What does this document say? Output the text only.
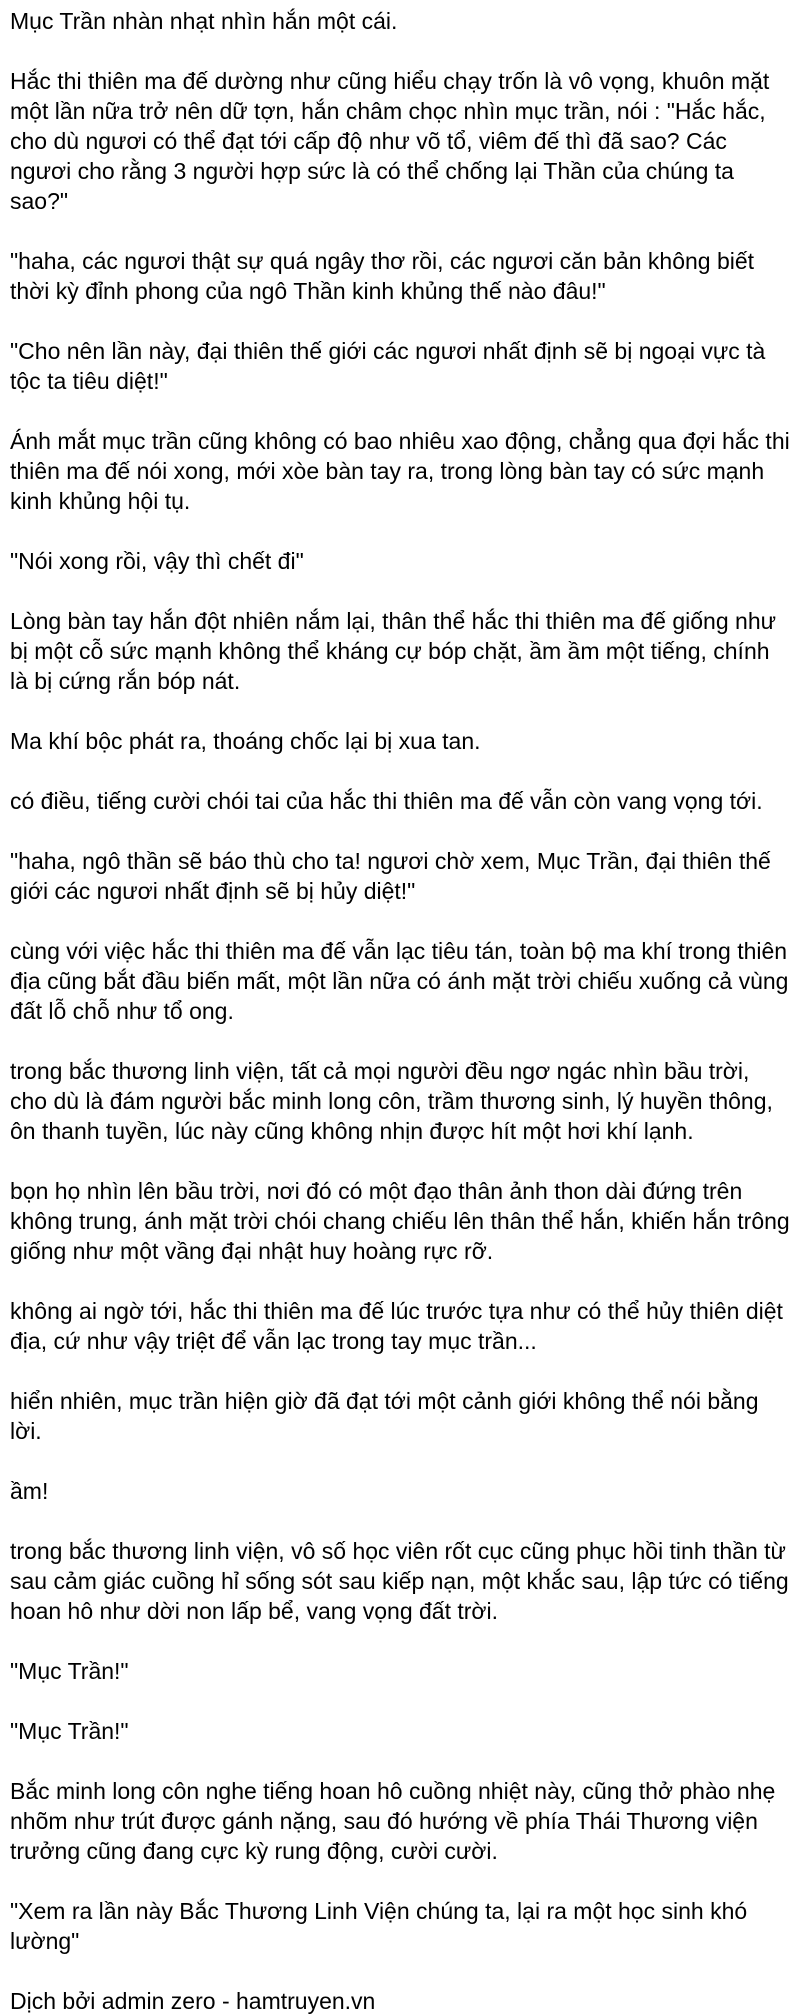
Mục Trần nhàn nhạt nhìn hắn một cái.

Hắc thi thiên ma đế dường như cũng hiểu chạy trốn là vô vọng, khuôn mặt một lần nữa trở nên dữ tợn, hắn châm chọc nhìn mục trần, nói : "Hắc hắc, cho dù ngươi có thể đạt tới cấp độ như võ tổ, viêm đế thì đã sao? Các ngươi cho rằng 3 người hợp sức là có thể chống lại Thần của chúng ta sao?"

"haha, các ngươi thật sự quá ngây thơ rồi, các ngươi căn bản không biết thời kỳ đỉnh phong của ngô Thần kinh khủng thế nào đâu!"

"Cho nên lần này, đại thiên thế giới các ngươi nhất định sẽ bị ngoại vực tà tộc ta tiêu diệt!"

Ánh mắt mục trần cũng không có bao nhiêu xao động, chẳng qua đợi hắc thi thiên ma đế nói xong, mới xòe bàn tay ra, trong lòng bàn tay có sức mạnh kinh khủng hội tụ.

"Nói xong rồi, vậy thì chết đi"

Lòng bàn tay hắn đột nhiên nắm lại, thân thể hắc thi thiên ma đế giống như bị một cỗ sức mạnh không thể kháng cự bóp chặt, ầm ầm một tiếng, chính là bị cứng rắn bóp nát.

Ma khí bộc phát ra, thoáng chốc lại bị xua tan.

có điều, tiếng cười chói tai của hắc thi thiên ma đế vẫn còn vang vọng tới.

"haha, ngô thần sẽ báo thù cho ta! ngươi chờ xem, Mục Trần, đại thiên thế giới các ngươi nhất định sẽ bị hủy diệt!"

cùng với việc hắc thi thiên ma đế vẫn lạc tiêu tán, toàn bộ ma khí trong thiên địa cũng bắt đầu biến mất, một lần nữa có ánh mặt trời chiếu xuống cả vùng đất lỗ chỗ như tổ ong.

trong bắc thương linh viện, tất cả mọi người đều ngơ ngác nhìn bầu trời, cho dù là đám người bắc minh long côn, trầm thương sinh, lý huyền thông, ôn thanh tuyền, lúc này cũng không nhịn được hít một hơi khí lạnh.

bọn họ nhìn lên bầu trời, nơi đó có một đạo thân ảnh thon dài đứng trên không trung, ánh mặt trời chói chang chiếu lên thân thể hắn, khiến hắn trông giống như một vầng đại nhật huy hoàng rực rỡ.

không ai ngờ tới, hắc thi thiên ma đế lúc trước tựa như có thể hủy thiên diệt địa, cứ như vậy triệt để vẫn lạc trong tay mục trần...

hiển nhiên, mục trần hiện giờ đã đạt tới một cảnh giới không thể nói bằng lời.

ầm!

trong bắc thương linh viện, vô số học viên rốt cục cũng phục hồi tinh thần từ sau cảm giác cuồng hỉ sống sót sau kiếp nạn, một khắc sau, lập tức có tiếng hoan hô như dời non lấp bể, vang vọng đất trời.

"Mục Trần!"

"Mục Trần!"

Bắc minh long côn nghe tiếng hoan hô cuồng nhiệt này, cũng thở phào nhẹ nhõm như trút được gánh nặng, sau đó hướng về phía Thái Thương viện trưởng cũng đang cực kỳ rung động, cười cười.

"Xem ra lần này Bắc Thương Linh Viện chúng ta, lại ra một học sinh khó lường"

Dịch bởi admin zero - hamtruyen.vn
